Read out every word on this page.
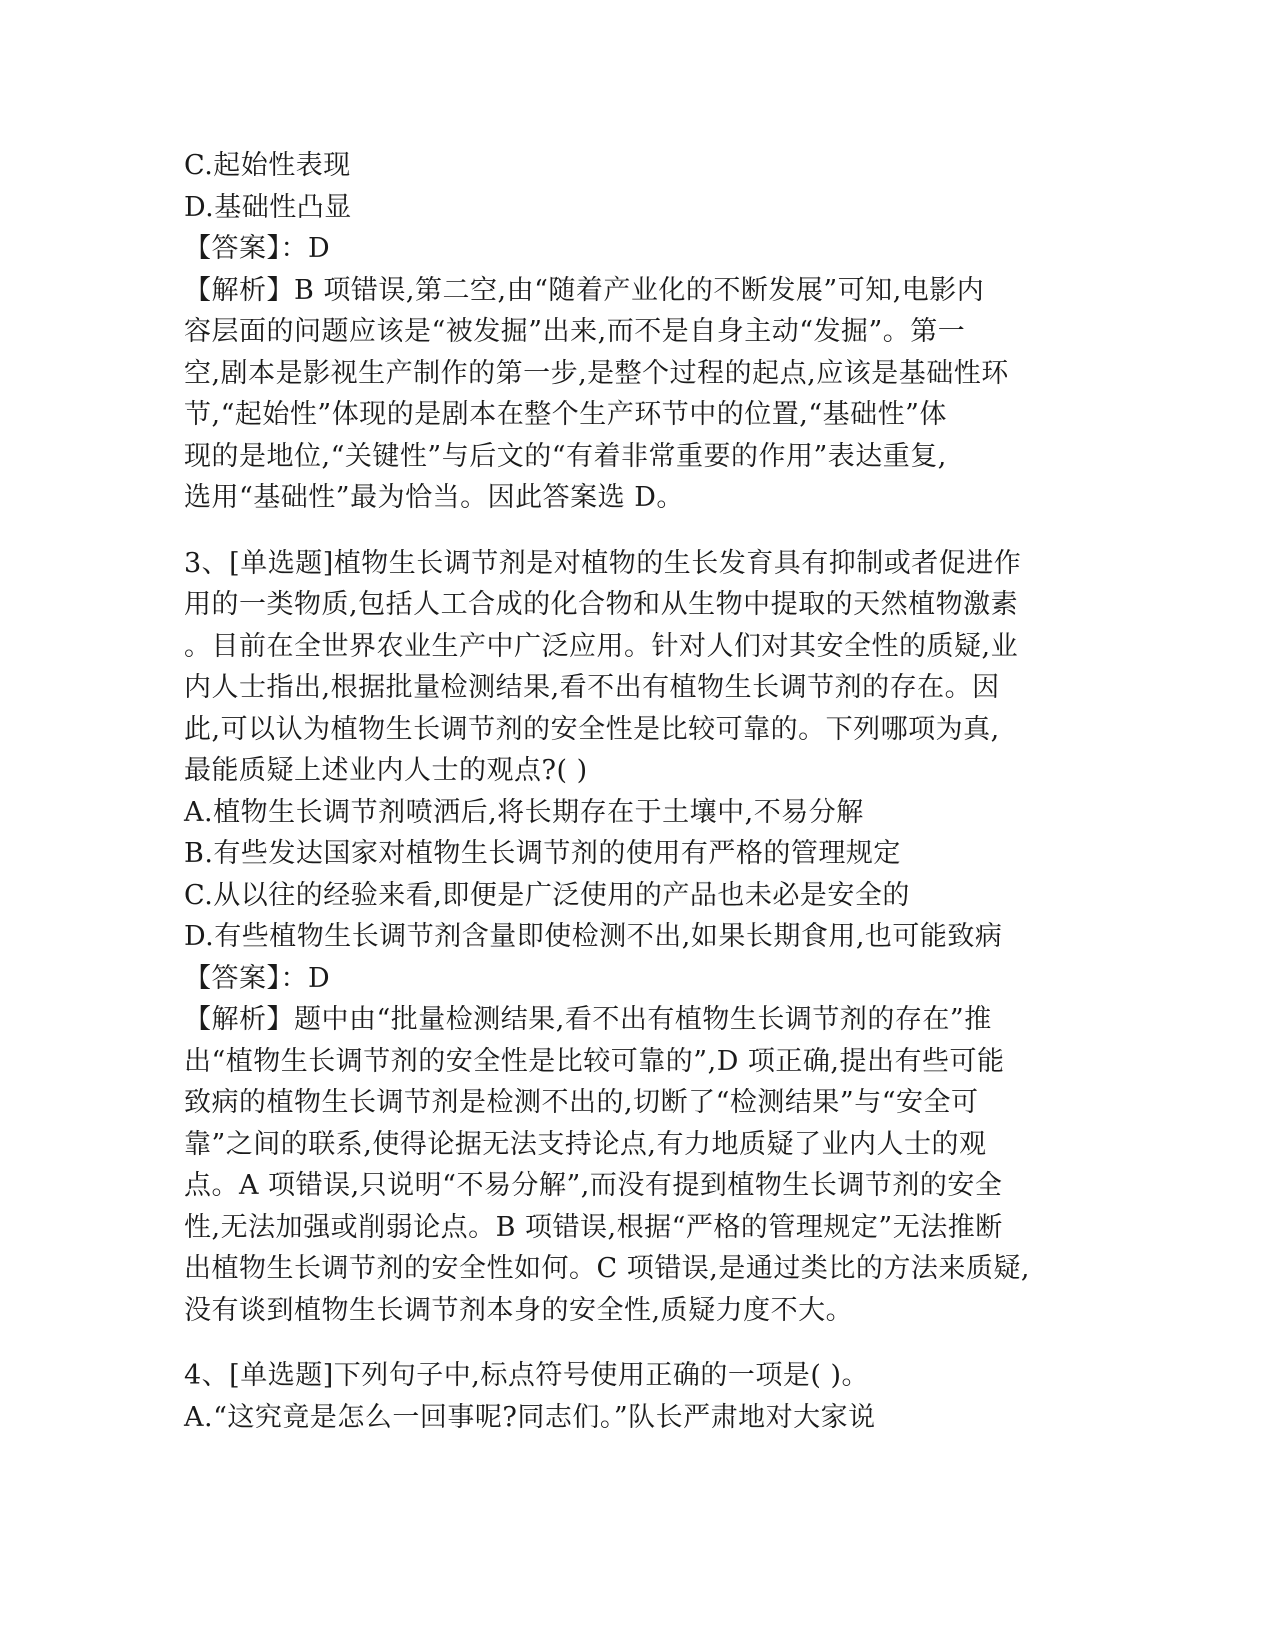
C.起始性表现
D.基础性凸显
【答案】：D
【解析】B 项错误,第二空,由“随着产业化的不断发展”可知,电影内
容层面的问题应该是“被发掘”出来,而不是自身主动“发掘”。第一
空,剧本是影视生产制作的第一步,是整个过程的起点,应该是基础性环
节,“起始性”体现的是剧本在整个生产环节中的位置,“基础性”体
现的是地位,“关键性”与后文的“有着非常重要的作用”表达重复,
选用“基础性”最为恰当。因此答案选 D。
3、[单选题]植物生长调节剂是对植物的生长发育具有抑制或者促进作
用的一类物质,包括人工合成的化合物和从生物中提取的天然植物激素
。目前在全世界农业生产中广泛应用。针对人们对其安全性的质疑,业
内人士指出,根据批量检测结果,看不出有植物生长调节剂的存在。因
此,可以认为植物生长调节剂的安全性是比较可靠的。下列哪项为真,
最能质疑上述业内人士的观点?( )
A.植物生长调节剂喷洒后,将长期存在于土壤中,不易分解
B.有些发达国家对植物生长调节剂的使用有严格的管理规定
C.从以往的经验来看,即便是广泛使用的产品也未必是安全的
D.有些植物生长调节剂含量即使检测不出,如果长期食用,也可能致病
【答案】：D
【解析】题中由“批量检测结果,看不出有植物生长调节剂的存在”推
出“植物生长调节剂的安全性是比较可靠的”,D 项正确,提出有些可能
致病的植物生长调节剂是检测不出的,切断了“检测结果”与“安全可
靠”之间的联系,使得论据无法支持论点,有力地质疑了业内人士的观
点。A 项错误,只说明“不易分解”,而没有提到植物生长调节剂的安全
性,无法加强或削弱论点。B 项错误,根据“严格的管理规定”无法推断
出植物生长调节剂的安全性如何。C 项错误,是通过类比的方法来质疑,
没有谈到植物生长调节剂本身的安全性,质疑力度不大。
4、[单选题]下列句子中,标点符号使用正确的一项是( )。
A.“这究竟是怎么一回事呢?同志们。”队长严肃地对大家说
